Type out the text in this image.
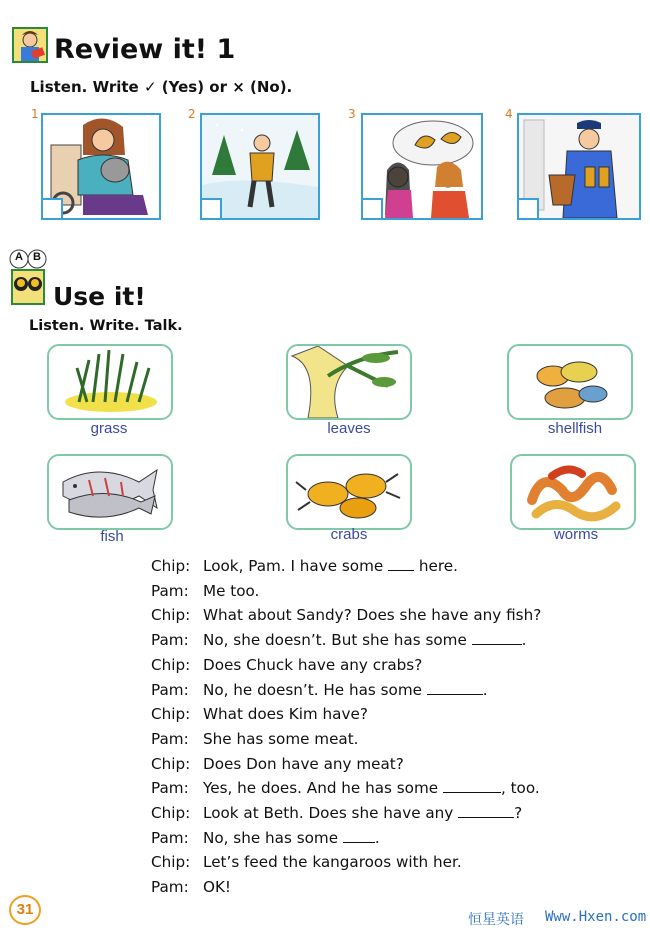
Review it! 1
Listen. Write ✓ (Yes) or × (No).
1	2	3	4
A B
Use it!
Listen. Write. Talk.
grass	leaves	shellfish
fish	crabs	worms
Chip: Look, Pam. I have some here.
Pam: Me too.
Chip: What about Sandy? Does she have any fish?
Pam: No, she doesn’t. But she has some	.
Chip: Does Chuck have any crabs?
Pam: No, he doesn’t. He has some	.
Chip: What does Kim have?
Pam: She has some meat.
Chip: Does Don have any meat?
Pam: Yes, he does. And he has some	, too.
Chip: Look at Beth. Does she have any	?
Pam: No, she has some .
Chip: Let’s feed the kangaroos with her.
Pam: OK!
31
恒星英语 Www.Hxen.com
